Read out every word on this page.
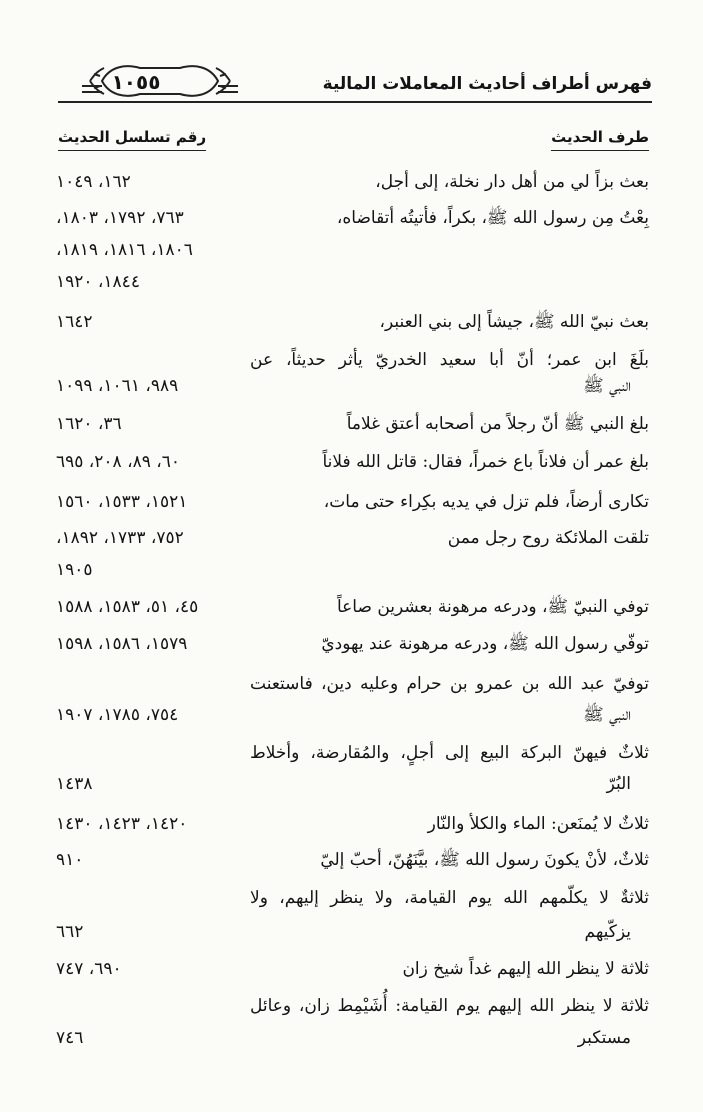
فهرس أطراف أحاديث المعاملات المالية
١٠٥٥
طرف الحديث
رقم تسلسل الحديث
بعث بزاً لي من أهل دار نخلة، إلى أجل،
١٦٢، ١٠٤٩
بِعْتُ مِن رسول الله ﷺ، بكراً، فأتيتُه أتقاضاه،
٧٦٣، ١٧٩٢، ١٨٠٣،
١٨٠٦، ١٨١٦، ١٨١٩،
١٨٤٤، ١٩٢٠
بعث نبيّ الله ﷺ، جيشاً إلى بني العنبر،
١٦٤٢
بلَغَ ابن عمر؛ أنّ أبا سعيد الخدريّ يأثر حديثاً، عن
النبي ﷺ
٩٨٩، ١٠٦١، ١٠٩٩
بلغ النبي ﷺ أنّ رجلاً من أصحابه أعتق غلاماً
٣٦، ١٦٢٠
بلغ عمر أن فلاناً باع خمراً، فقال: قاتل الله فلاناً
٦٠، ٨٩، ٢٠٨، ٦٩٥
تكارى أرضاً، فلم تزل في يديه بكِراء حتى مات،
١٥٢١، ١٥٣٣، ١٥٦٠
تلقت الملائكة روح رجل ممن
٧٥٢، ١٧٣٣، ١٨٩٢،
١٩٠٥
توفي النبيّ ﷺ، ودرعه مرهونة بعشرين صاعاً
٤٥، ٥١، ١٥٨٣، ١٥٨٨
توفّي رسول الله ﷺ، ودرعه مرهونة عند يهوديّ
١٥٧٩، ١٥٨٦، ١٥٩٨
توفيّ عبد الله بن عمرو بن حرام وعليه دين، فاستعنت
النبي ﷺ
٧٥٤، ١٧٨٥، ١٩٠٧
ثلاثٌ فيهنّ البركة البيع إلى أجلٍ، والمُقارضة، وأخلاط
البُرّ
١٤٣٨
ثلاثٌ لا يُمنَعن: الماء والكلأ والنّار
١٤٢٠، ١٤٢٣، ١٤٣٠
ثلاثٌ، لأنْ يكونَ رسول الله ﷺ، بيَّنَهُنّ، أحبّ إليّ
٩١٠
ثلاثةٌ لا يكلّمهم الله يوم القيامة، ولا ينظر إليهم، ولا
يزكّيهم
٦٦٢
ثلاثة لا ينظر الله إليهم غداً شيخ زان
٦٩٠، ٧٤٧
ثلاثة لا ينظر الله إليهم يوم القيامة: أُشَيْمِط زان، وعائل
مستكبر
٧٤٦
